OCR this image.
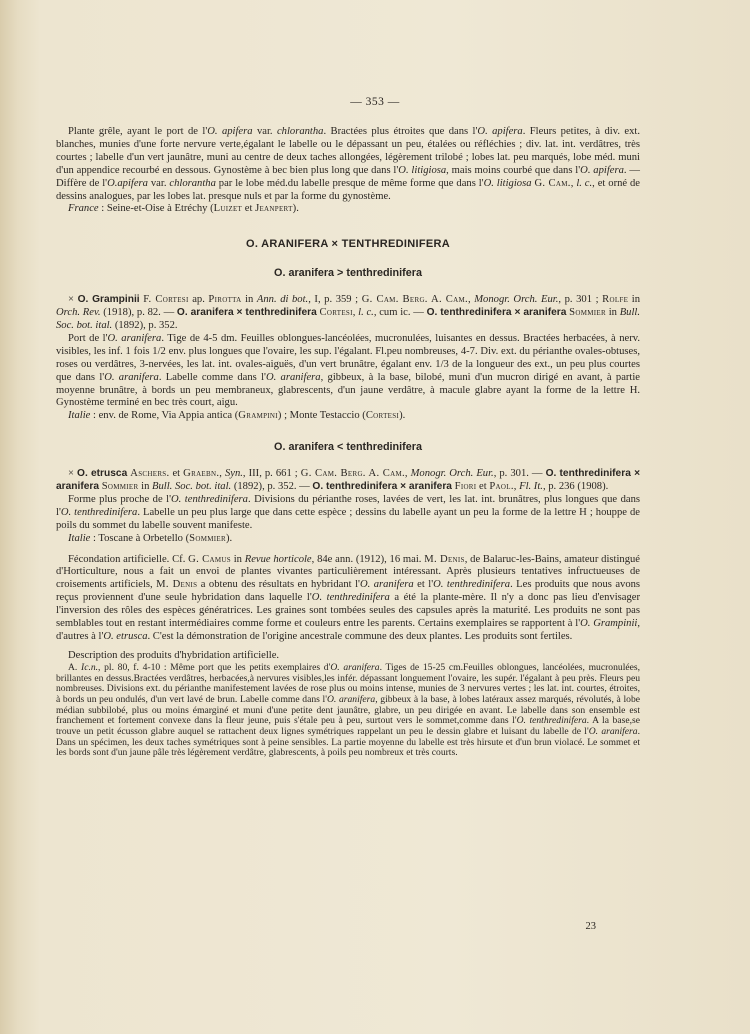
— 353 —

Plante grêle, ayant le port de l'O. apifera var. chlorantha. Bractées plus étroites que dans l'O. apifera. Fleurs petites, à div. ext. blanches, munies d'une forte nervure verte,égalant le labelle ou le dépassant un peu, étalées ou réfléchies ; div. lat. int. verdâtres, très courtes ; labelle d'un vert jaunâtre, muni au centre de deux taches allongées, légèrement trilobé ; lobes lat. peu marqués, lobe méd. muni d'un appendice recourbé en dessous. Gynostème à bec bien plus long que dans l'O. litigiosa, mais moins courbé que dans l'O. apifera. — Diffère de l'O.apifera var. chlorantha par le lobe méd.du labelle presque de même forme que dans l'O. litigiosa G. Cam., l. c., et orné de dessins analogues, par les lobes lat. presque nuls et par la forme du gynostème.

France : Seine-et-Oise à Etréchy (Luizet et Jeanpert).

O. ARANIFERA × TENTHREDINIFERA

O. aranifera > tenthredinifera

× O. Grampinii F. Cortesi ap. Pirotta in Ann. di bot., I, p. 359 ; G. Cam. Berg. A. Cam., Monogr. Orch. Eur., p. 301 ; Rolfe in Orch. Rev. (1918), p. 82. — O. aranifera × tenthredinifera Cortesi, l. c., cum ic. — O. tenthredinifera × aranifera Sommier in Bull. Soc. bot. ital. (1892), p. 352.

Port de l'O. aranifera. Tige de 4-5 dm. Feuilles oblongues-lancéolées, mucronulées, luisantes en dessus. Bractées herbacées, à nerv. visibles, les inf. 1 fois 1/2 env. plus longues que l'ovaire, les sup. l'égalant. Fl.peu nombreuses, 4-7. Div. ext. du périanthe ovales-obtuses, roses ou verdâtres, 3-nervées, les lat. int. ovales-aiguës, d'un vert brunâtre, égalant env. 1/3 de la longueur des ext., un peu plus courtes que dans l'O. aranifera. Labelle comme dans l'O. aranifera, gibbeux, à la base, bilobé, muni d'un mucron dirigé en avant, à partie moyenne brunâtre, à bords un peu membraneux, glabrescents, d'un jaune verdâtre, à macule glabre ayant la forme de la lettre H. Gynostème terminé en bec très court, aigu.

Italie : env. de Rome, Via Appia antica (Grampini) ; Monte Testaccio (Cortesi).

O. aranifera < tenthredinifera

× O. etrusca Aschers. et Graebn., Syn., III, p. 661 ; G. Cam. Berg. A. Cam., Monogr. Orch. Eur., p. 301. — O. tenthredinifera × aranifera Sommier in Bull. Soc. bot. ital. (1892), p. 352. — O. tenthredinifera × aranifera Fiori et Paol., Fl. It., p. 236 (1908).

Forme plus proche de l'O. tenthredinifera. Divisions du périanthe roses, lavées de vert, les lat. int. brunâtres, plus longues que dans l'O. tenthredinifera. Labelle un peu plus large que dans cette espèce ; dessins du labelle ayant un peu la forme de la lettre H ; houppe de poils du sommet du labelle souvent manifeste.

Italie : Toscane à Orbetello (Sommier).

Fécondation artificielle. Cf. G. Camus in Revue horticole, 84e ann. (1912), 16 mai. M. Denis, de Balaruc-les-Bains, amateur distingué d'Horticulture, nous a fait un envoi de plantes vivantes particulièrement intéressant. Après plusieurs tentatives infructueuses de croisements artificiels, M. Denis a obtenu des résultats en hybridant l'O. aranifera et l'O. tenthredinifera. Les produits que nous avons reçus proviennent d'une seule hybridation dans laquelle l'O. tenthredinifera a été la plante-mère. Il n'y a donc pas lieu d'envisager l'inversion des rôles des espèces génératrices. Les graines sont tombées seules des capsules après la maturité. Les produits ne sont pas semblables tout en restant intermédiaires comme forme et couleurs entre les parents. Certains exemplaires se rapportent à l'O. Grampinii, d'autres à l'O. etrusca. C'est la démonstration de l'origine ancestrale commune des deux plantes. Les produits sont fertiles.

Description des produits d'hybridation artificielle.

A. Ic.n., pl. 80, f. 4-10 : Même port que les petits exemplaires d'O. aranifera. Tiges de 15-25 cm.Feuilles oblongues, lancéolées, mucronulées, brillantes en dessus.Bractées verdâtres, herbacées,à nervures visibles,les infér. dépassant longuement l'ovaire, les supér. l'égalant à peu près. Fleurs peu nombreuses. Divisions ext. du périanthe manifestement lavées de rose plus ou moins intense, munies de 3 nervures vertes ; les lat. int. courtes, étroites, à bords un peu ondulés, d'un vert lavé de brun. Labelle comme dans l'O. aranifera, gibbeux à la base, à lobes latéraux assez marqués, révolutés, à lobe médian subbilobé, plus ou moins émarginé et muni d'une petite dent jaunâtre, glabre, un peu dirigée en avant. Le labelle dans son ensemble est franchement et fortement convexe dans la fleur jeune, puis s'étale peu à peu, surtout vers le sommet,comme dans l'O. tenthredinifera. A la base,se trouve un petit écusson glabre auquel se rattachent deux lignes symétriques rappelant un peu le dessin glabre et luisant du labelle de l'O. aranifera. Dans un spécimen, les deux taches symétriques sont à peine sensibles. La partie moyenne du labelle est très hirsute et d'un brun violacé. Le sommet et les bords sont d'un jaune pâle très légèrement verdâtre, glabrescents, à poils peu nombreux et très courts.

23
